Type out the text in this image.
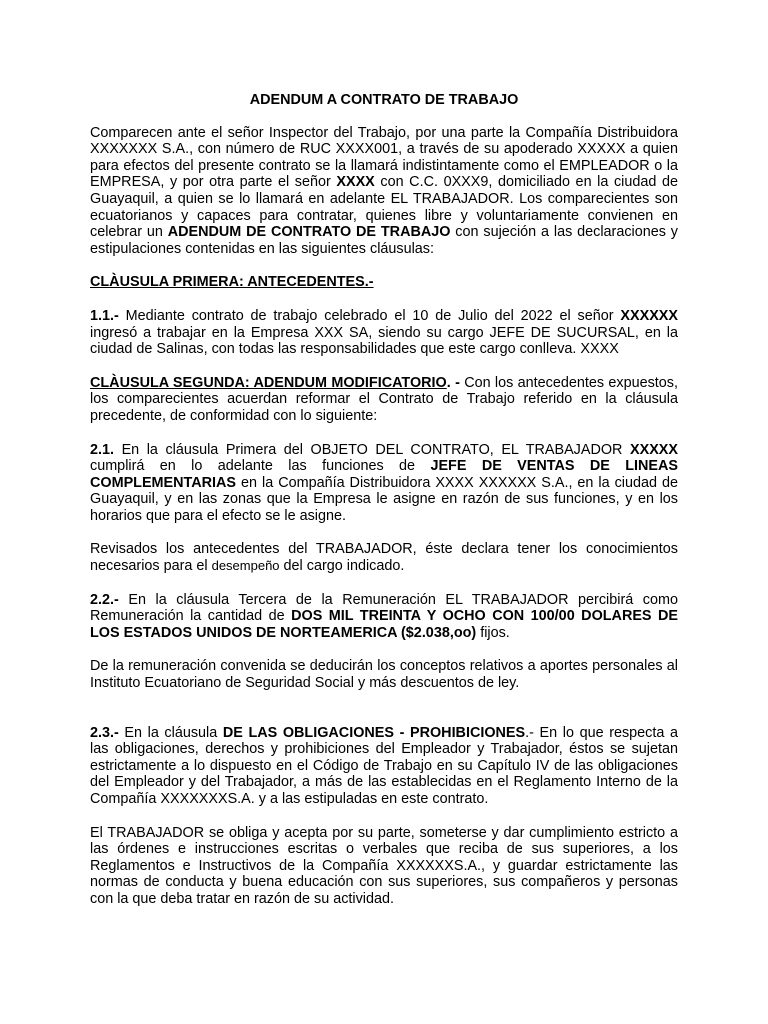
ADENDUM A CONTRATO DE TRABAJO

Comparecen ante el señor Inspector del Trabajo, por una parte la Compañía Distribuidora XXXXXXX S.A., con número de RUC XXXX001, a través de su apoderado XXXXX a quien para efectos del presente contrato se la llamará indistintamente como el EMPLEADOR o la EMPRESA, y por otra parte el señor XXXX con C.C. 0XXX9, domiciliado en la ciudad de Guayaquil, a quien se lo llamará en adelante EL TRABAJADOR. Los comparecientes son ecuatorianos y capaces para contratar, quienes libre y voluntariamente convienen en celebrar un ADENDUM DE CONTRATO DE TRABAJO con sujeción a las declaraciones y estipulaciones contenidas en las siguientes cláusulas:

CLÀUSULA PRIMERA: ANTECEDENTES.-

1.1.- Mediante contrato de trabajo celebrado el 10 de Julio del 2022 el señor XXXXXX ingresó a trabajar en la Empresa XXX SA, siendo su cargo JEFE DE SUCURSAL, en la ciudad de Salinas, con todas las responsabilidades que este cargo conlleva. XXXX

CLÀUSULA SEGUNDA: ADENDUM MODIFICATORIO. - Con los antecedentes expuestos, los comparecientes acuerdan reformar el Contrato de Trabajo referido en la cláusula precedente, de conformidad con lo siguiente:

2.1. En la cláusula Primera del OBJETO DEL CONTRATO, EL TRABAJADOR XXXXX cumplirá en lo adelante las funciones de JEFE DE VENTAS DE LINEAS COMPLEMENTARIAS en la Compañía Distribuidora XXXX XXXXXX S.A., en la ciudad de Guayaquil, y en las zonas que la Empresa le asigne en razón de sus funciones, y en los horarios que para el efecto se le asigne.

Revisados los antecedentes del TRABAJADOR, éste declara tener los conocimientos necesarios para el desempeño del cargo indicado.

2.2.- En la cláusula Tercera de la Remuneración EL TRABAJADOR percibirá como Remuneración la cantidad de DOS MIL TREINTA Y OCHO CON 100/00 DOLARES DE LOS ESTADOS UNIDOS DE NORTEAMERICA ($2.038,oo) fijos.

De la remuneración convenida se deducirán los conceptos relativos a aportes personales al Instituto Ecuatoriano de Seguridad Social y más descuentos de ley.

2.3.- En la cláusula DE LAS OBLIGACIONES - PROHIBICIONES.- En lo que respecta a las obligaciones, derechos y prohibiciones del Empleador y Trabajador, éstos se sujetan estrictamente a lo dispuesto en el Código de Trabajo en su Capítulo IV de las obligaciones del Empleador y del Trabajador, a más de las establecidas en el Reglamento Interno de la Compañía XXXXXXXS.A. y a las estipuladas en este contrato.

El TRABAJADOR se obliga y acepta por su parte, someterse y dar cumplimiento estricto a las órdenes e instrucciones escritas o verbales que reciba de sus superiores, a los Reglamentos e Instructivos de la Compañía XXXXXXS.A., y guardar estrictamente las normas de conducta y buena educación con sus superiores, sus compañeros y personas con la que deba tratar en razón de su actividad.
